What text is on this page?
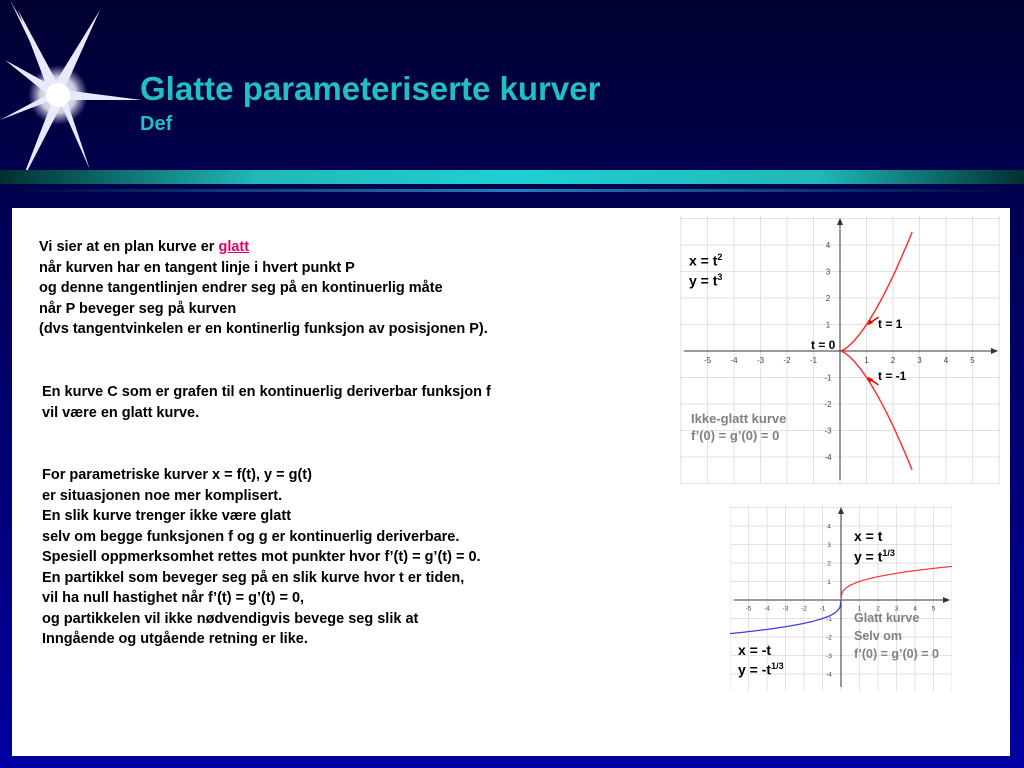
Glatte parameteriserte kurver
Def
Vi sier at en plan kurve er glatt
når kurven har en tangent linje i hvert punkt P
og denne tangentlinjen endrer seg på en kontinuerlig måte
når P beveger seg på kurven
(dvs tangentvinkelen er en kontinerlig funksjon av posisjonen P).
En kurve C som er grafen til en kontinuerlig deriverbar funksjon f
vil være en glatt kurve.
For parametriske kurver x = f(t), y = g(t)
er situasjonen noe mer komplisert.
En slik kurve trenger ikke være glatt
selv om begge funksjonen f og g er kontinuerlig deriverbare.
Spesiell oppmerksomhet rettes mot punkter hvor f’(t) = g’(t) = 0.
En partikkel som beveger seg på en slik kurve hvor t er tiden,
vil ha null hastighet når f’(t) = g’(t) = 0,
og partikkelen vil ikke nødvendigvis bevege seg slik at
Inngående og utgående retning er like.
-5 -4 -3 -2 -1	1	2	3	4	5
4
3
2
1
-1
-2
-3
-4
$x = t^2$
$y = t^3$
t = 1
t = 0
t = -1
Ikke-glatt kurve
f’(0) = g’(0) = 0
-5 -4 -3 -2 -1	1 2 3 4 5
4
3
2
1
-1
-2
-3
-4
x = t
$y = t^{1/3}$
Glatt kurve
Selv om
f’(0) = g’(0) = 0
x = -t
$y = -t^{1/3}$
